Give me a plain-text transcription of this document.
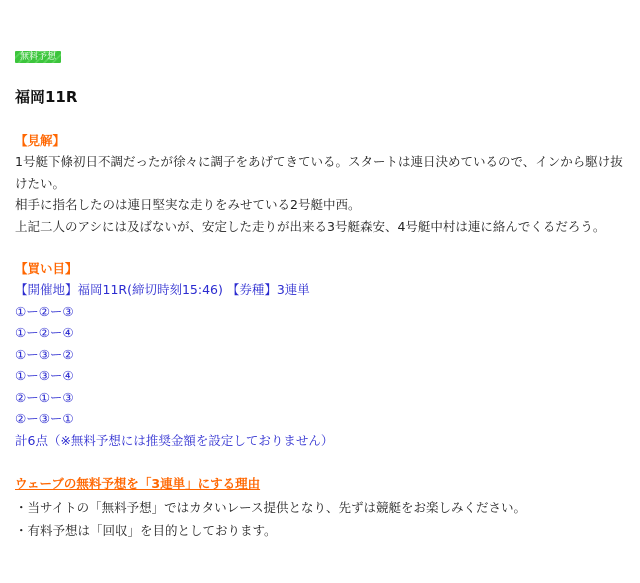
無料予想
福岡11R
【見解】
1号艇下條初日不調だったが徐々に調子をあげてきている。スタートは連日決めているので、インから駆け抜
けたい。
相手に指名したのは連日堅実な走りをみせている2号艇中西。
上記二人のアシには及ばないが、安定した走りが出来る3号艇森安、4号艇中村は連に絡んでくるだろう。
【買い目】
【開催地】福岡11R(締切時刻15:46) 【券種】3連単
①ー②ー③
①ー②ー④
①ー③ー②
①ー③ー④
②ー①ー③
②ー③ー①
計6点（※無料予想には推奨金額を設定しておりません）
ウェーブの無料予想を「3連単」にする理由
・当サイトの「無料予想」ではカタいレース提供となり、先ずは競艇をお楽しみください。
・有料予想は「回収」を目的としております。
